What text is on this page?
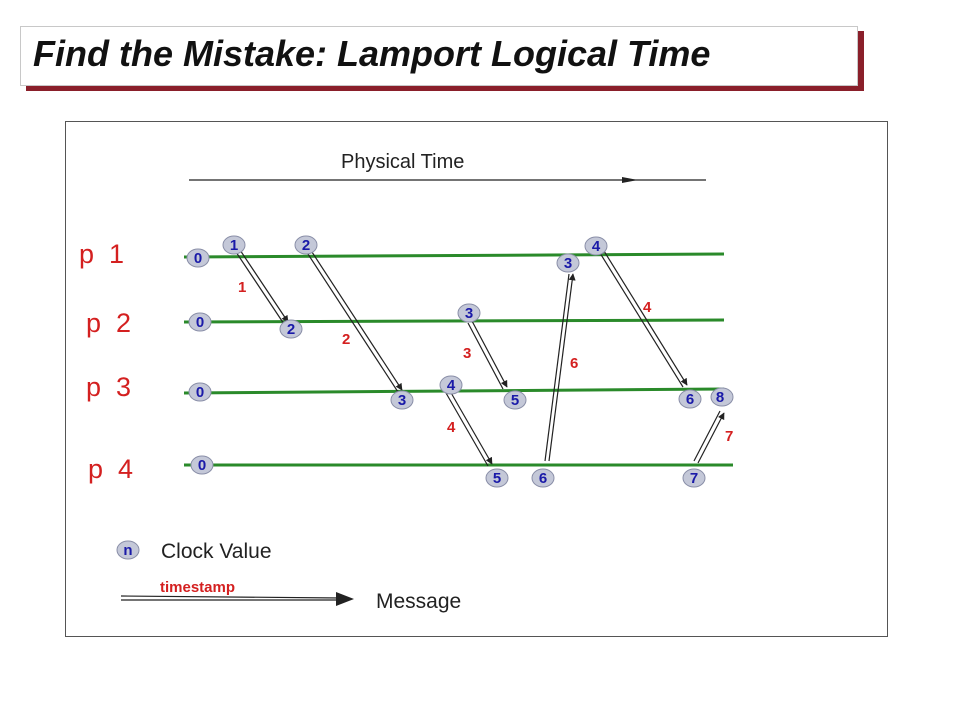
Find the Mistake: Lamport Logical Time
Physical Time
p  1
p  2
p  3
p  4
1
2
3
4
6
4
7
0
1	2
3
4
0	2
3
0	3
4
5	6 8
0
5	6	7
n Clock Value
timestamp
Message
